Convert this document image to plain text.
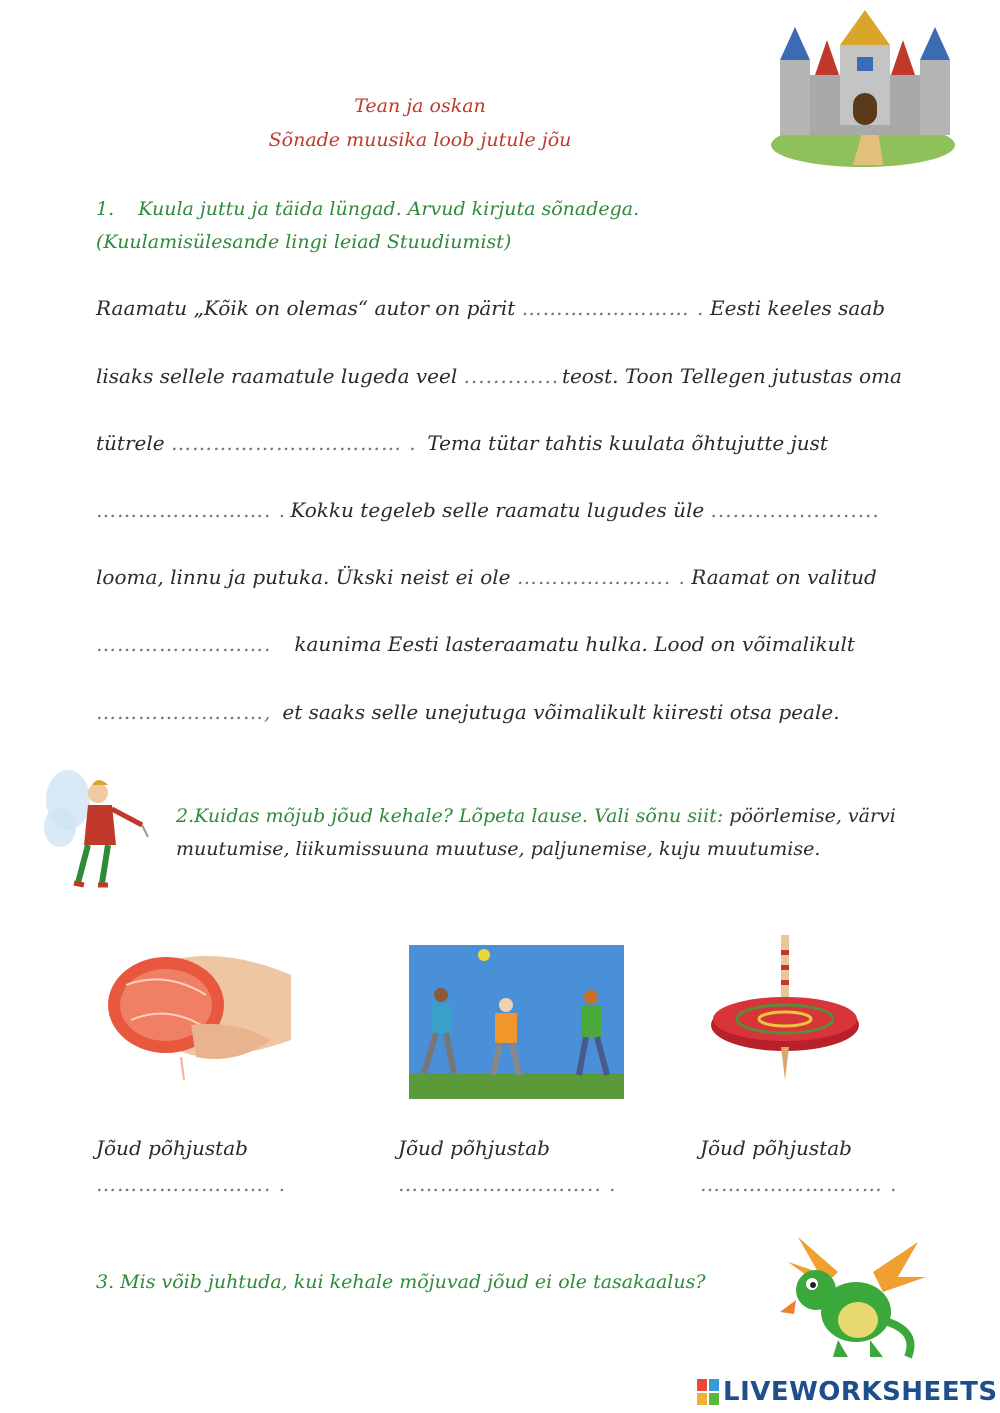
Tean ja oskan
Sõnade muusika loob jutule jõu
1. Kuula juttu ja täida lüngad. Arvud kirjuta sõnadega.
(Kuulamisülesande lingi leiad Stuudiumist)
Raamatu „Kõik on olemas“ autor on pärit …………………… .	Eesti keeles saab
lisaks sellele raamatule lugeda veel ...............	teost. Toon Tellegen jutustas oma
tütrele …………………………… .	Tema tütar tahtis kuulata õhtujutte just
……………………. . Kokku tegeleb selle raamatu lugudes üle ...........................
looma, linnu ja putuka. Ükski neist ei ole …………………. .	Raamat on valitud
……………………. kaunima Eesti lasteraamatu hulka. Lood on võimalikult
……………………, et saaks selle unejutuga võimalikult kiiresti otsa peale.
2.Kuidas mõjub jõud kehale? Lõpeta lause. Vali sõnu siit: pöörlemise, värvi
muutumise, liikumissuuna muutuse, paljunemise, kuju muutumise.
Jõud põhjustab	Jõud põhjustab	Jõud põhjustab
……………………. .
……………………….. .
…………………..… .
3. Mis võib juhtuda, kui kehale mõjuvad jõud ei ole tasakaalus?
LIVEWORKSHEETS
